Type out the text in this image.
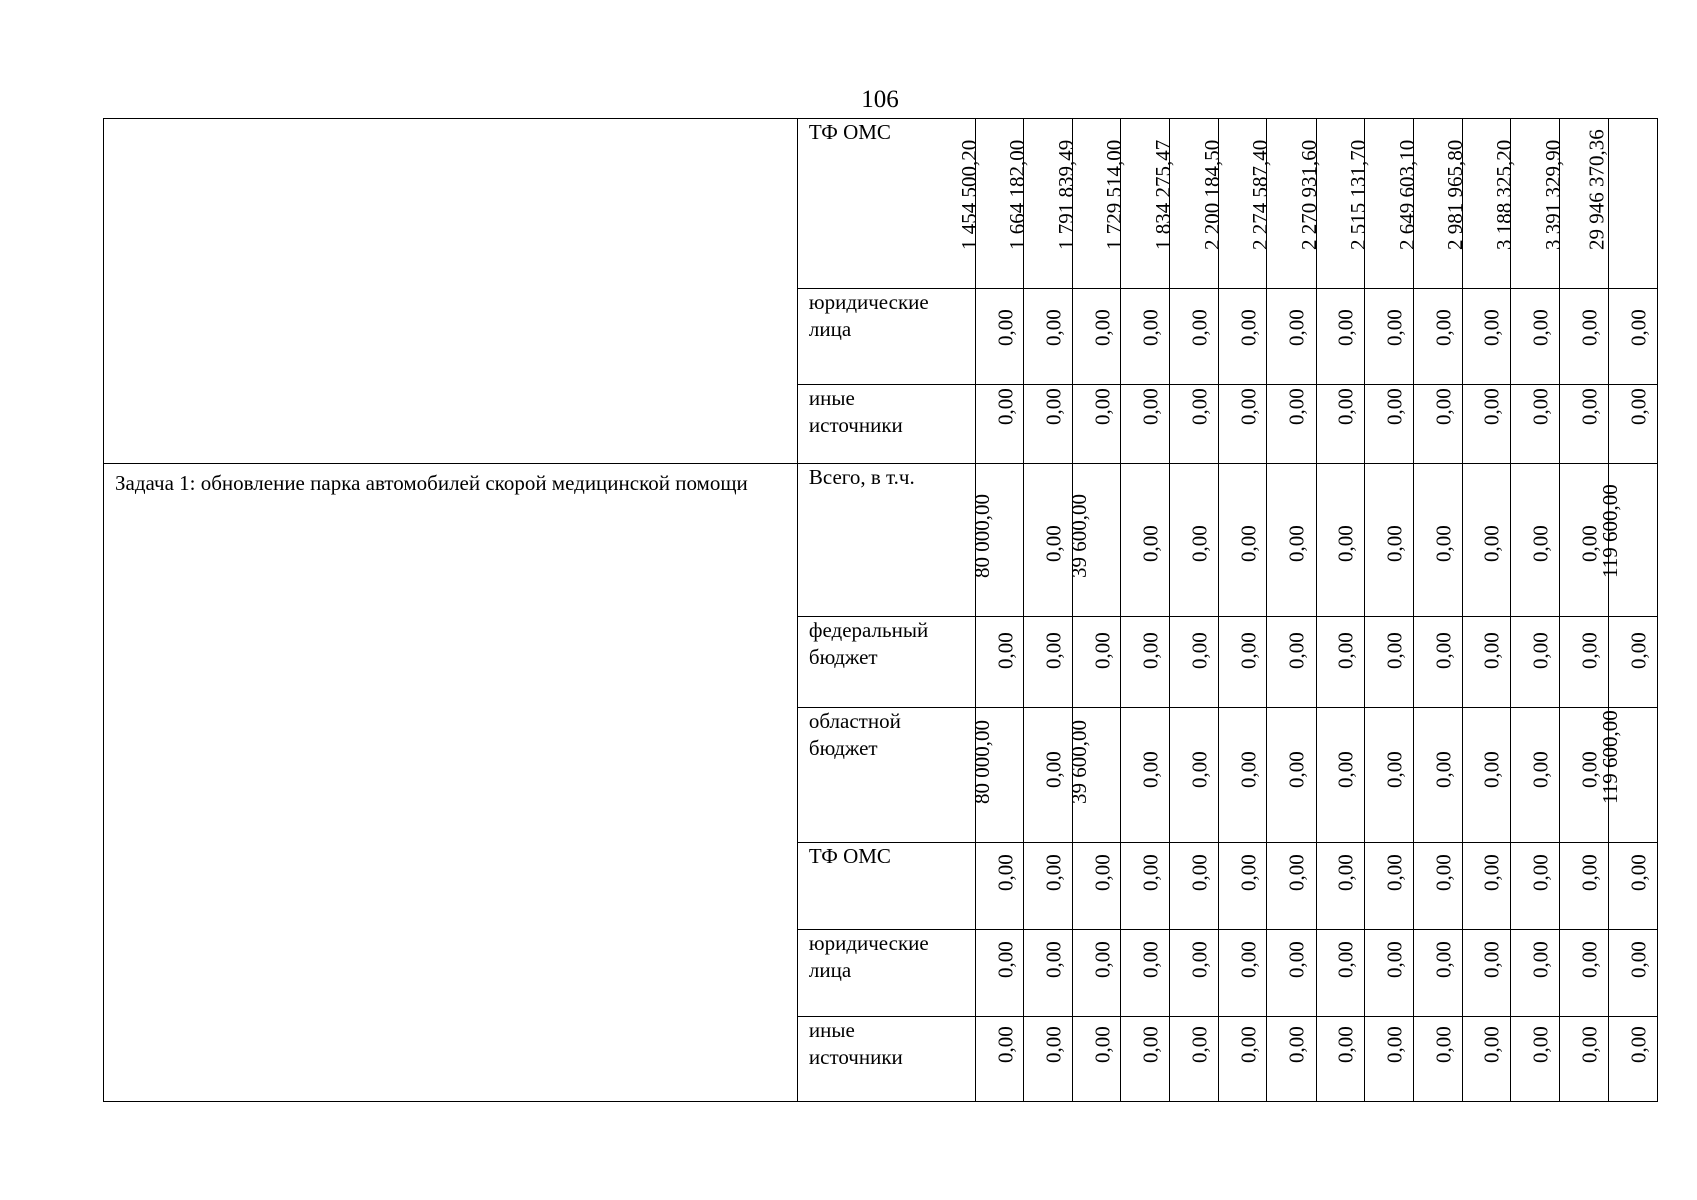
106

	ТФ ОМС	1 454 500,20	1 664 182,00	1 791 839,49	1 729 514,00	1 834 275,47	2 200 184,50	2 274 587,40	2 270 931,60	2 515 131,70	2 649 603,10	2 981 965,80	3 188 325,20	3 391 329,90	29 946 370,36

	юридические
лица	0,00	0,00	0,00	0,00	0,00	0,00	0,00	0,00	0,00	0,00	0,00	0,00	0,00	0,00

	иные
источники	0,00	0,00	0,00	0,00	0,00	0,00	0,00	0,00	0,00	0,00	0,00	0,00	0,00	0,00

Задача 1: обновление парка автомобилей скорой медицинской помощи	Всего, в т.ч.	80 000,00	0,00	39 600,00	0,00	0,00	0,00	0,00	0,00	0,00	0,00	0,00	0,00	0,00	119 600,00

	федеральный
бюджет	0,00	0,00	0,00	0,00	0,00	0,00	0,00	0,00	0,00	0,00	0,00	0,00	0,00	0,00

	областной
бюджет	80 000,00	0,00	39 600,00	0,00	0,00	0,00	0,00	0,00	0,00	0,00	0,00	0,00	0,00	119 600,00

	ТФ ОМС	0,00	0,00	0,00	0,00	0,00	0,00	0,00	0,00	0,00	0,00	0,00	0,00	0,00	0,00

	юридические
лица	0,00	0,00	0,00	0,00	0,00	0,00	0,00	0,00	0,00	0,00	0,00	0,00	0,00	0,00

	иные
источники	0,00	0,00	0,00	0,00	0,00	0,00	0,00	0,00	0,00	0,00	0,00	0,00	0,00	0,00
